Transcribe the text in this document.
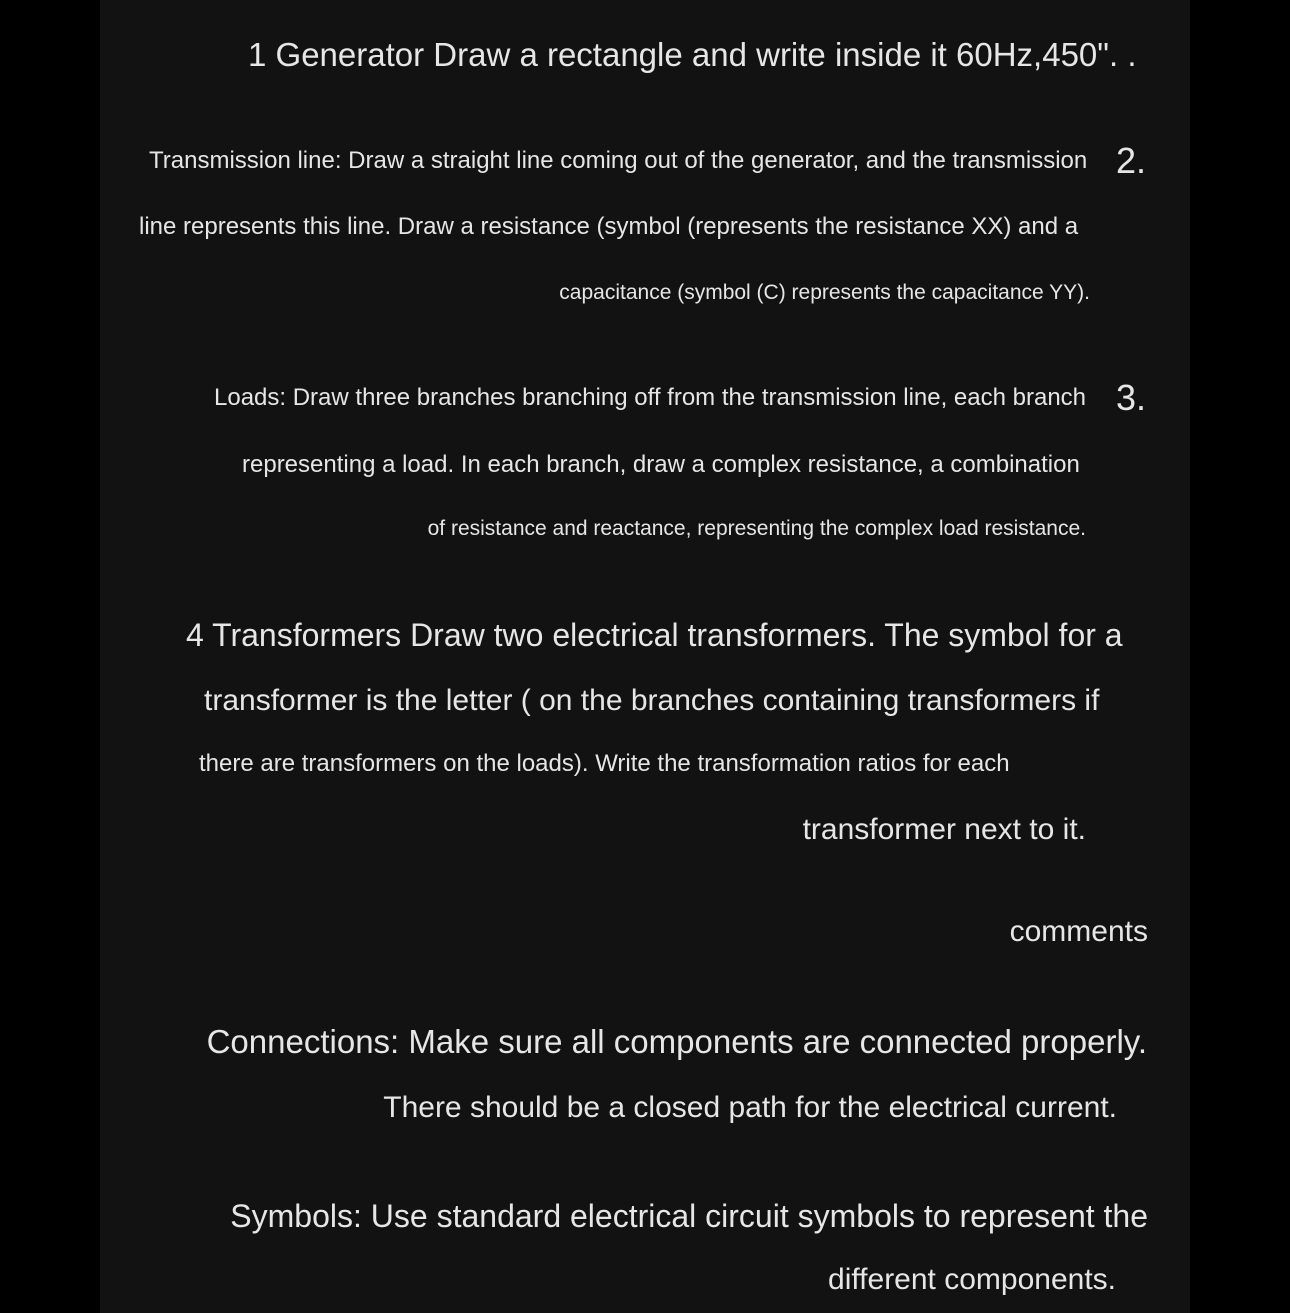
1 Generator Draw a rectangle and write inside it 60Hz,450". .
2.
Transmission line: Draw a straight line coming out of the generator, and the transmission
line represents this line. Draw a resistance (symbol (represents the resistance XX) and a
capacitance (symbol (C) represents the capacitance YY).
3.
Loads: Draw three branches branching off from the transmission line, each branch
representing a load. In each branch, draw a complex resistance, a combination
of resistance and reactance, representing the complex load resistance.
4 Transformers Draw two electrical transformers. The symbol for a
transformer is the letter ( on the branches containing transformers if
there are transformers on the loads). Write the transformation ratios for each
transformer next to it.
comments
Connections: Make sure all components are connected properly.
There should be a closed path for the electrical current.
Symbols: Use standard electrical circuit symbols to represent the
different components.
